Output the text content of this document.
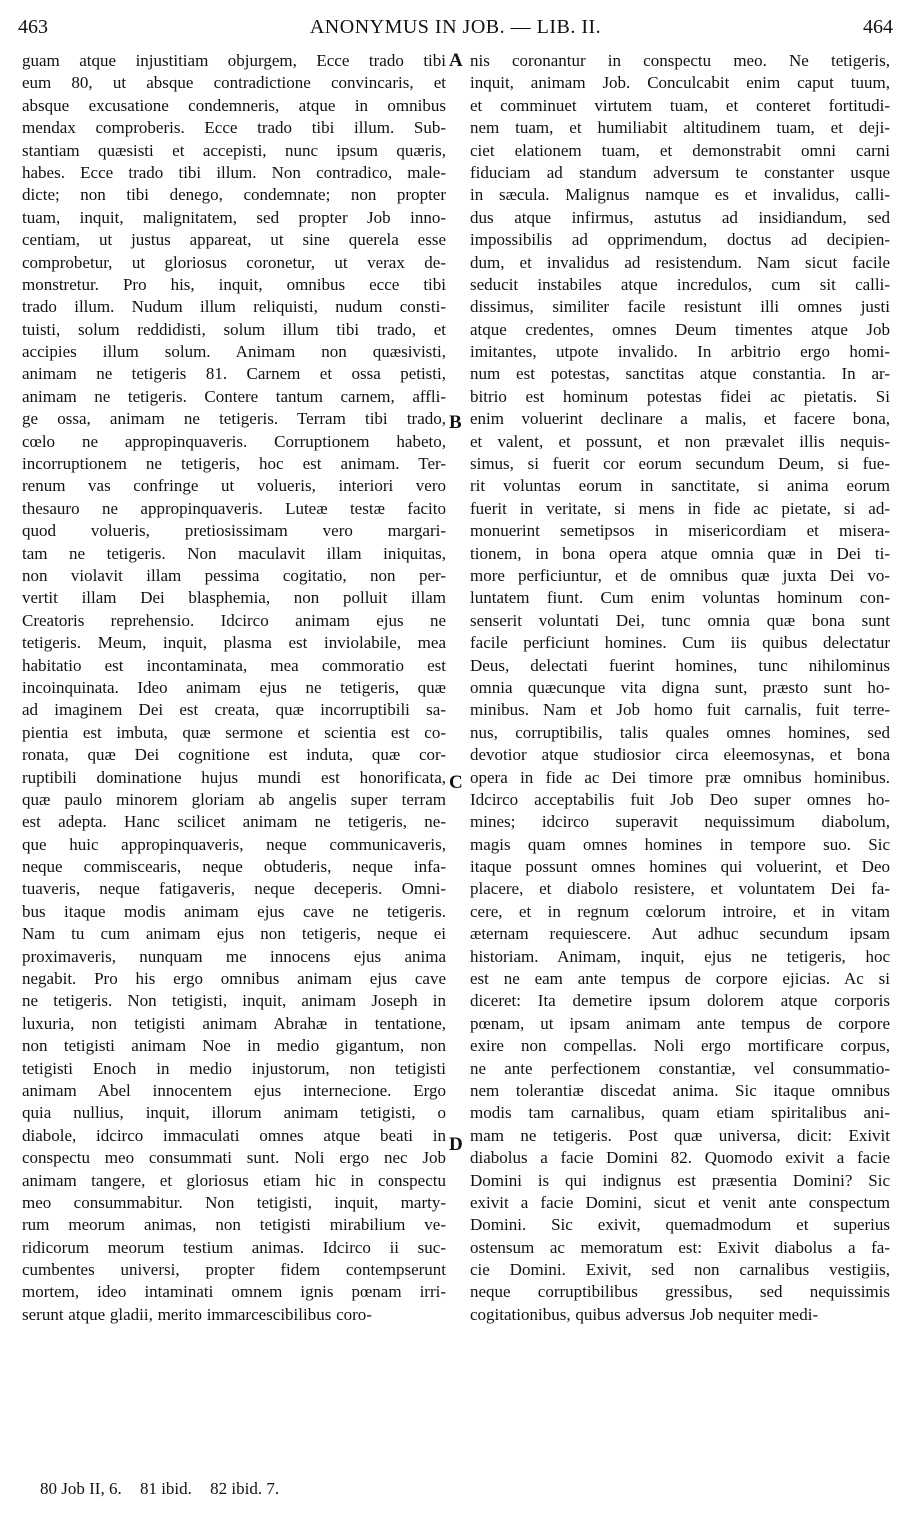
463	ANONYMUS IN JOB. — LIB. II.	464
guam atque injustitiam objurgem, Ecce trado tibi
eum 80, ut absque contradictione convincaris, et
absque excusatione condemneris, atque in omnibus
mendax comproberis. Ecce trado tibi illum. Sub-
stantiam quæsisti et accepisti, nunc ipsum quæris,
habes. Ecce trado tibi illum. Non contradico, male-
dicte; non tibi denego, condemnate; non propter
tuam, inquit, malignitatem, sed propter Job inno-
centiam, ut justus appareat, ut sine querela esse
comprobetur, ut gloriosus coronetur, ut verax de-
monstretur. Pro his, inquit, omnibus ecce tibi
trado illum. Nudum illum reliquisti, nudum consti-
tuisti, solum reddidisti, solum illum tibi trado, et
accipies illum solum. Animam non quæsivisti,
animam ne tetigeris 81. Carnem et ossa petisti,
animam ne tetigeris. Contere tantum carnem, affli-
ge ossa, animam ne tetigeris. Terram tibi trado,
cœlo ne appropinquaveris. Corruptionem habeto,
incorruptionem ne tetigeris, hoc est animam. Ter-
renum vas confringe ut volueris, interiori vero
thesauro ne appropinquaveris. Luteæ testæ facito
quod volueris, pretiosissimam vero margari-
tam ne tetigeris. Non maculavit illam iniquitas,
non violavit illam pessima cogitatio, non per-
vertit illam Dei blasphemia, non polluit illam
Creatoris reprehensio. Idcirco animam ejus ne
tetigeris. Meum, inquit, plasma est inviolabile, mea
habitatio est incontaminata, mea commoratio est
incoinquinata. Ideo animam ejus ne tetigeris, quæ
ad imaginem Dei est creata, quæ incorruptibili sa-
pientia est imbuta, quæ sermone et scientia est co-
ronata, quæ Dei cognitione est induta, quæ cor-
ruptibili dominatione hujus mundi est honorificata,
quæ paulo minorem gloriam ab angelis super terram
est adepta. Hanc scilicet animam ne tetigeris, ne-
que huic appropinquaveris, neque communicaveris,
neque commiscearis, neque obtuderis, neque infa-
tuaveris, neque fatigaveris, neque deceperis. Omni-
bus itaque modis animam ejus cave ne tetigeris.
Nam tu cum animam ejus non tetigeris, neque ei
proximaveris, nunquam me innocens ejus anima
negabit. Pro his ergo omnibus animam ejus cave
ne tetigeris. Non tetigisti, inquit, animam Joseph in
luxuria, non tetigisti animam Abrahæ in tentatione,
non tetigisti animam Noe in medio gigantum, non
tetigisti Enoch in medio injustorum, non tetigisti
animam Abel innocentem ejus internecione. Ergo
quia nullius, inquit, illorum animam tetigisti, o
diabole, idcirco immaculati omnes atque beati in
conspectu meo consummati sunt. Noli ergo nec Job
animam tangere, et gloriosus etiam hic in conspectu
meo consummabitur. Non tetigisti, inquit, marty-
rum meorum animas, non tetigisti mirabilium ve-
ridicorum meorum testium animas. Idcirco ii suc-
cumbentes universi, propter fidem contempserunt
mortem, ideo intaminati omnem ignis pœnam irri-
serunt atque gladii, merito immarcescibilibus coro-
nis coronantur in conspectu meo. Ne tetigeris,
inquit, animam Job. Conculcabit enim caput tuum,
et comminuet virtutem tuam, et conteret fortitudi-
nem tuam, et humiliabit altitudinem tuam, et deji-
ciet elationem tuam, et demonstrabit omni carni
fiduciam ad standum adversum te constanter usque
in sæcula. Malignus namque es et invalidus, calli-
dus atque infirmus, astutus ad insidiandum, sed
impossibilis ad opprimendum, doctus ad decipien-
dum, et invalidus ad resistendum. Nam sicut facile
seducit instabiles atque incredulos, cum sit calli-
dissimus, similiter facile resistunt illi omnes justi
atque credentes, omnes Deum timentes atque Job
imitantes, utpote invalido. In arbitrio ergo homi-
num est potestas, sanctitas atque constantia. In ar-
bitrio est hominum potestas fidei ac pietatis. Si
enim voluerint declinare a malis, et facere bona,
et valent, et possunt, et non prævalet illis nequis-
simus, si fuerit cor eorum secundum Deum, si fue-
rit voluntas eorum in sanctitate, si anima eorum
fuerit in veritate, si mens in fide ac pietate, si ad-
monuerint semetipsos in misericordiam et misera-
tionem, in bona opera atque omnia quæ in Dei ti-
more perficiuntur, et de omnibus quæ juxta Dei vo-
luntatem fiunt. Cum enim voluntas hominum con-
senserit voluntati Dei, tunc omnia quæ bona sunt
facile perficiunt homines. Cum iis quibus delectatur
Deus, delectati fuerint homines, tunc nihilominus
omnia quæcunque vita digna sunt, præsto sunt ho-
minibus. Nam et Job homo fuit carnalis, fuit terre-
nus, corruptibilis, talis quales omnes homines, sed
devotior atque studiosior circa eleemosynas, et bona
opera in fide ac Dei timore præ omnibus hominibus.
Idcirco acceptabilis fuit Job Deo super omnes ho-
mines; idcirco superavit nequissimum diabolum,
magis quam omnes homines in tempore suo. Sic
itaque possunt omnes homines qui voluerint, et Deo
placere, et diabolo resistere, et voluntatem Dei fa-
cere, et in regnum cœlorum introire, et in vitam
æternam requiescere. Aut adhuc secundum ipsam
historiam. Animam, inquit, ejus ne tetigeris, hoc
est ne eam ante tempus de corpore ejicias. Ac si
diceret: Ita demetire ipsum dolorem atque corporis
pœnam, ut ipsam animam ante tempus de corpore
exire non compellas. Noli ergo mortificare corpus,
ne ante perfectionem constantiæ, vel consummatio-
nem tolerantiæ discedat anima. Sic itaque omnibus
modis tam carnalibus, quam etiam spiritalibus ani-
mam ne tetigeris. Post quæ universa, dicit: Exivit
diabolus a facie Domini 82. Quomodo exivit a facie
Domini is qui indignus est præsentia Domini? Sic
exivit a facie Domini, sicut et venit ante conspectum
Domini. Sic exivit, quemadmodum et superius
ostensum ac memoratum est: Exivit diabolus a fa-
cie Domini. Exivit, sed non carnalibus vestigiis,
neque corruptibilibus gressibus, sed nequissimis
cogitationibus, quibus adversus Job nequiter medi-
A
B
C
D
80 Job II, 6. 81 ibid. 82 ibid. 7.
